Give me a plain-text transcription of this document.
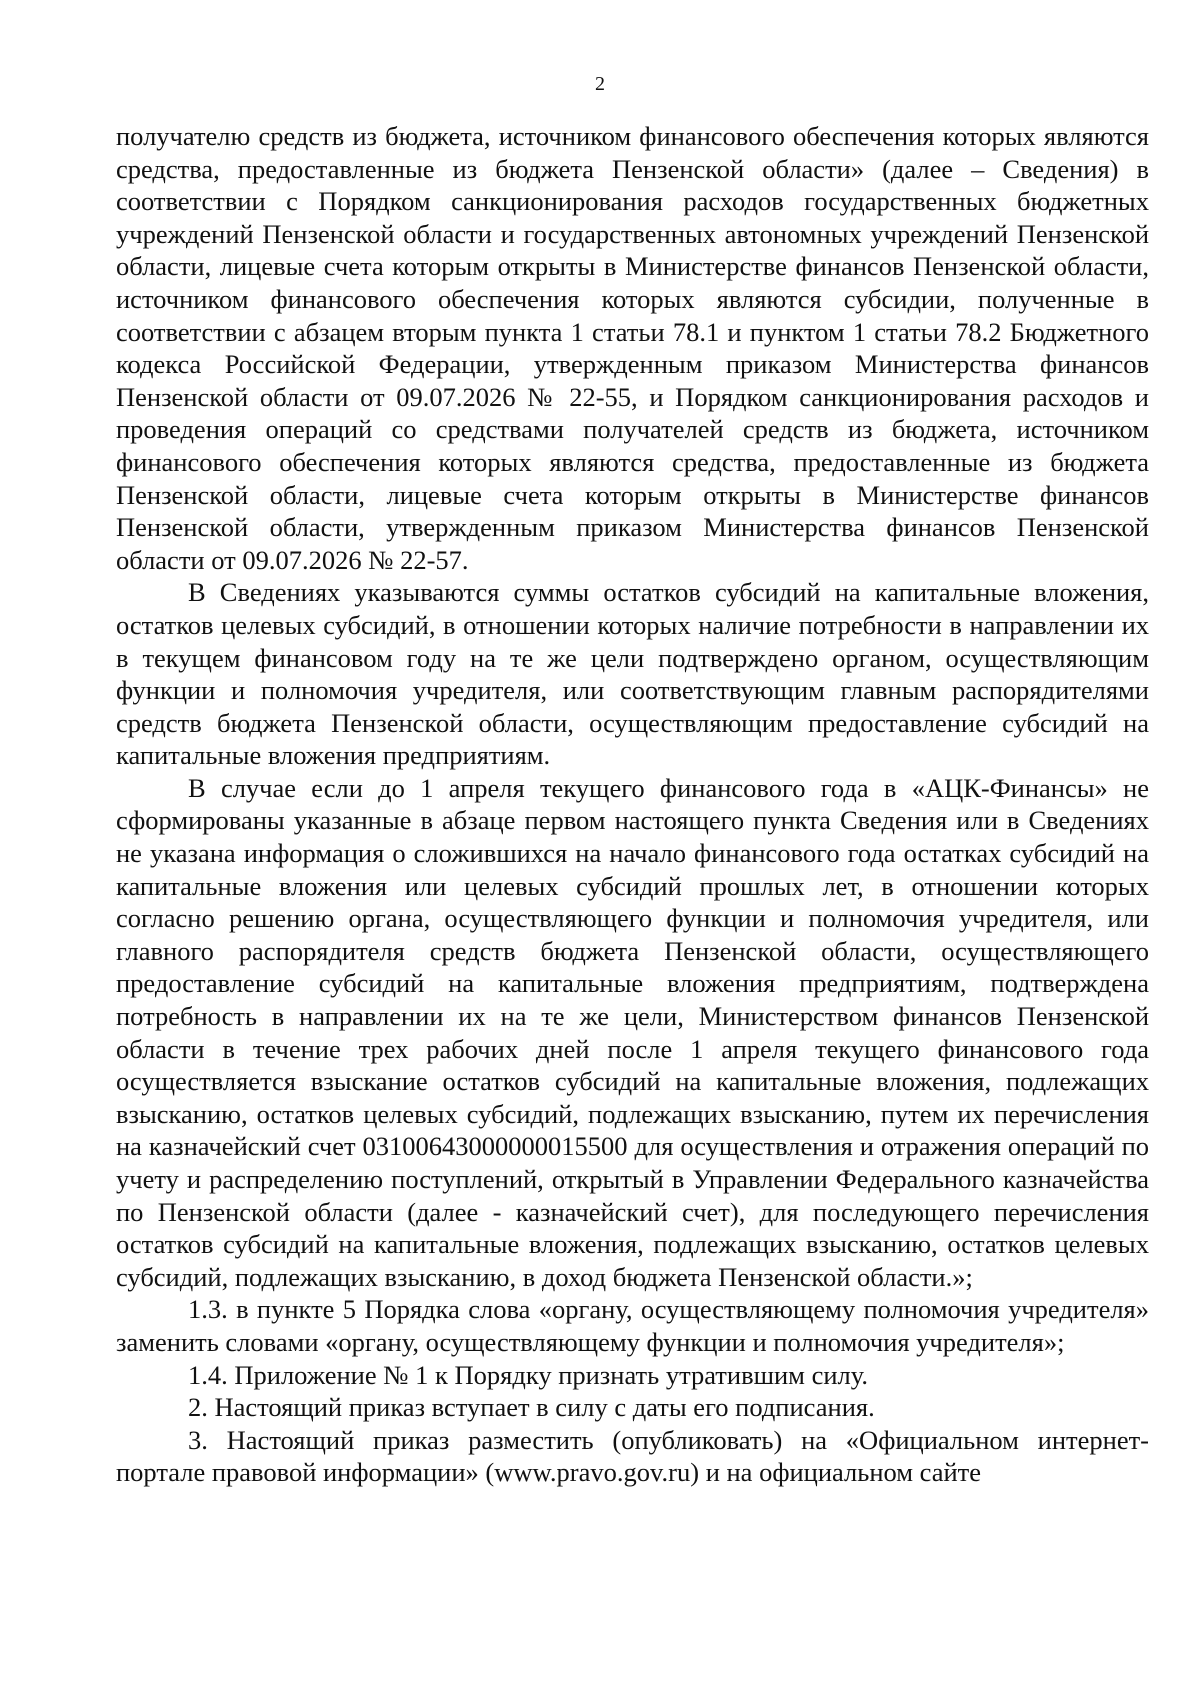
2

получателю средств из бюджета, источником финансового обеспечения которых являются средства, предоставленные из бюджета Пензенской области» (далее – Сведения) в соответствии с Порядком санкционирования расходов государственных бюджетных учреждений Пензенской области и государственных автономных учреждений Пензенской области, лицевые счета которым открыты в Министерстве финансов Пензенской области, источником финансового обеспечения которых являются субсидии, полученные в соответствии с абзацем вторым пункта 1 статьи 78.1 и пунктом 1 статьи 78.2 Бюджетного кодекса Российской Федерации, утвержденным приказом Министерства финансов Пензенской области от 09.07.2026 № 22-55, и Порядком санкционирования расходов и проведения операций со средствами получателей средств из бюджета, источником финансового обеспечения которых являются средства, предоставленные из бюджета Пензенской области, лицевые счета которым открыты в Министерстве финансов Пензенской области, утвержденным приказом Министерства финансов Пензенской области от 09.07.2026 № 22-57.

В Сведениях указываются суммы остатков субсидий на капитальные вложения, остатков целевых субсидий, в отношении которых наличие потребности в направлении их в текущем финансовом году на те же цели подтверждено органом, осуществляющим функции и полномочия учредителя, или соответствующим главным распорядителями средств бюджета Пензенской области, осуществляющим предоставление субсидий на капитальные вложения предприятиям.

В случае если до 1 апреля текущего финансового года в «АЦК-Финансы» не сформированы указанные в абзаце первом настоящего пункта Сведения или в Сведениях не указана информация о сложившихся на начало финансового года остатках субсидий на капитальные вложения или целевых субсидий прошлых лет, в отношении которых согласно решению органа, осуществляющего функции и полномочия учредителя, или главного распорядителя средств бюджета Пензенской области, осуществляющего предоставление субсидий на капитальные вложения предприятиям, подтверждена потребность в направлении их на те же цели, Министерством финансов Пензенской области в течение трех рабочих дней после 1 апреля текущего финансового года осуществляется взыскание остатков субсидий на капитальные вложения, подлежащих взысканию, остатков целевых субсидий, подлежащих взысканию, путем их перечисления на казначейский счет 03100643000000015500 для осуществления и отражения операций по учету и распределению поступлений, открытый в Управлении Федерального казначейства по Пензенской области (далее - казначейский счет), для последующего перечисления остатков субсидий на капитальные вложения, подлежащих взысканию, остатков целевых субсидий, подлежащих взысканию, в доход бюджета Пензенской области.»;

1.3. в пункте 5 Порядка слова «органу, осуществляющему полномочия учредителя» заменить словами «органу, осуществляющему функции и полномочия учредителя»;

1.4. Приложение № 1 к Порядку признать утратившим силу.

2. Настоящий приказ вступает в силу с даты его подписания.

3. Настоящий приказ разместить (опубликовать) на «Официальном интернет-портале правовой информации» (www.pravo.gov.ru) и на официальном сайте
